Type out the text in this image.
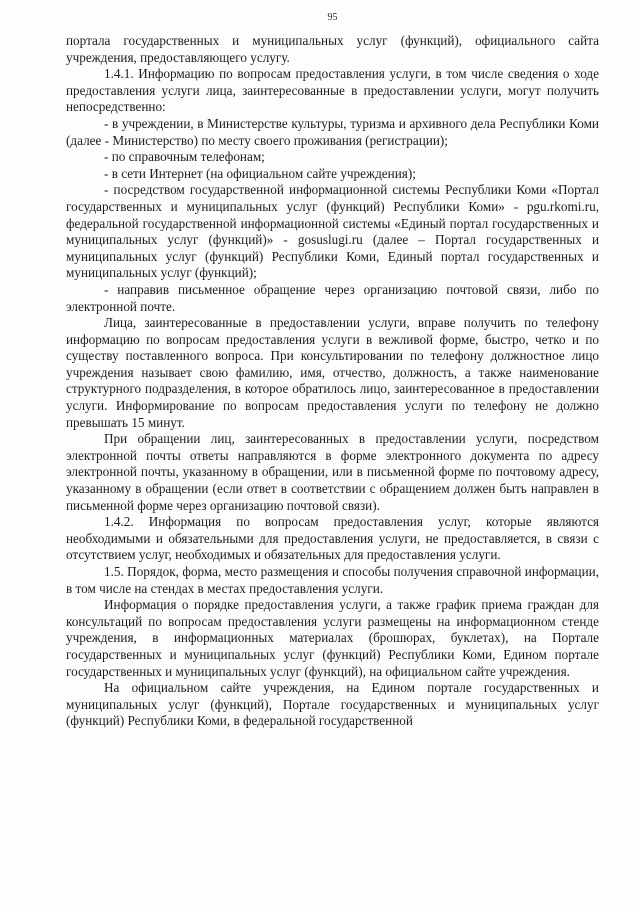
95

портала государственных и муниципальных услуг (функций), официального сайта учреждения, предоставляющего услугу.

1.4.1. Информацию по вопросам предоставления услуги, в том числе сведения о ходе предоставления услуги лица, заинтересованные в предоставлении услуги, могут получить непосредственно:

- в учреждении, в Министерстве культуры, туризма и архивного дела Республики Коми (далее - Министерство) по месту своего проживания (регистрации);

- по справочным телефонам;

- в сети Интернет (на официальном сайте учреждения);

- посредством государственной информационной системы Республики Коми «Портал государственных и муниципальных услуг (функций) Республики Коми» - pgu.rkomi.ru, федеральной государственной информационной системы «Единый портал государственных и муниципальных услуг (функций)» - gosuslugi.ru (далее – Портал государственных и муниципальных услуг (функций) Республики Коми, Единый портал государственных и муниципальных услуг (функций);

- направив письменное обращение через организацию почтовой связи, либо по электронной почте.

Лица, заинтересованные в предоставлении услуги, вправе получить по телефону информацию по вопросам предоставления услуги в вежливой форме, быстро, четко и по существу поставленного вопроса. При консультировании по телефону должностное лицо учреждения называет свою фамилию, имя, отчество, должность, а также наименование структурного подразделения, в которое обратилось лицо, заинтересованное в предоставлении услуги. Информирование по вопросам предоставления услуги по телефону не должно превышать 15 минут.

При обращении лиц, заинтересованных в предоставлении услуги, посредством электронной почты ответы направляются в форме электронного документа по адресу электронной почты, указанному в обращении, или в письменной форме по почтовому адресу, указанному в обращении (если ответ в соответствии с обращением должен быть направлен в письменной форме через организацию почтовой связи).

1.4.2. Информация по вопросам предоставления услуг, которые являются необходимыми и обязательными для предоставления услуги, не предоставляется, в связи с отсутствием услуг, необходимых и обязательных для предоставления услуги.

1.5. Порядок, форма, место размещения и способы получения справочной информации, в том числе на стендах в местах предоставления услуги.

Информация о порядке предоставления услуги, а также график приема граждан для консультаций по вопросам предоставления услуги размещены на информационном стенде учреждения, в информационных материалах (брошюрах, буклетах), на Портале государственных и муниципальных услуг (функций) Республики Коми, Едином портале государственных и муниципальных услуг (функций), на официальном сайте учреждения.

На официальном сайте учреждения, на Едином портале государственных и муниципальных услуг (функций), Портале государственных и муниципальных услуг (функций) Республики Коми, в федеральной государственной
